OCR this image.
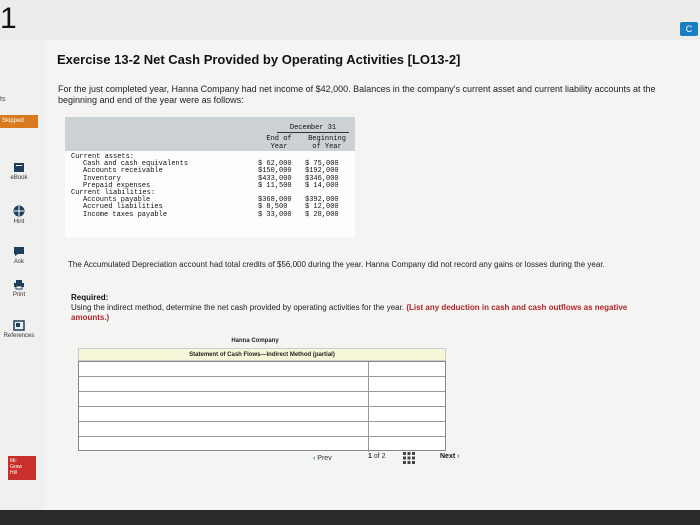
1	C
ts
Skipped
eBook
Hint
Ask
Print
References
Mc
Graw
Hill
Exercise 13-2 Net Cash Provided by Operating Activities [LO13-2]
For the just completed year, Hanna Company had net income of $42,000. Balances in the company's current asset and current liability accounts at the beginning and end of the year were as follows:
December 31
End of Year
Beginning of Year
Current assets:
Cash and cash equivalents	$ 62,000	$ 75,000
Accounts receivable	$150,000	$192,000
Inventory	$433,000	$346,000
Prepaid expenses	$ 11,500	$ 14,000
Current liabilities:
Accounts payable	$368,000	$392,000
Accrued liabilities	$ 8,500	$ 12,000
Income taxes payable	$ 33,000	$ 28,000
The Accumulated Depreciation account had total credits of $56,000 during the year. Hanna Company did not record any gains or losses during the year.
Required:
Using the indirect method, determine the net cash provided by operating activities for the year. (List any deduction in cash and cash outflows as negative amounts.)
Hanna Company
Statement of Cash Flows—Indirect Method (partial)
‹ Prev	1 of 2	Next ›
